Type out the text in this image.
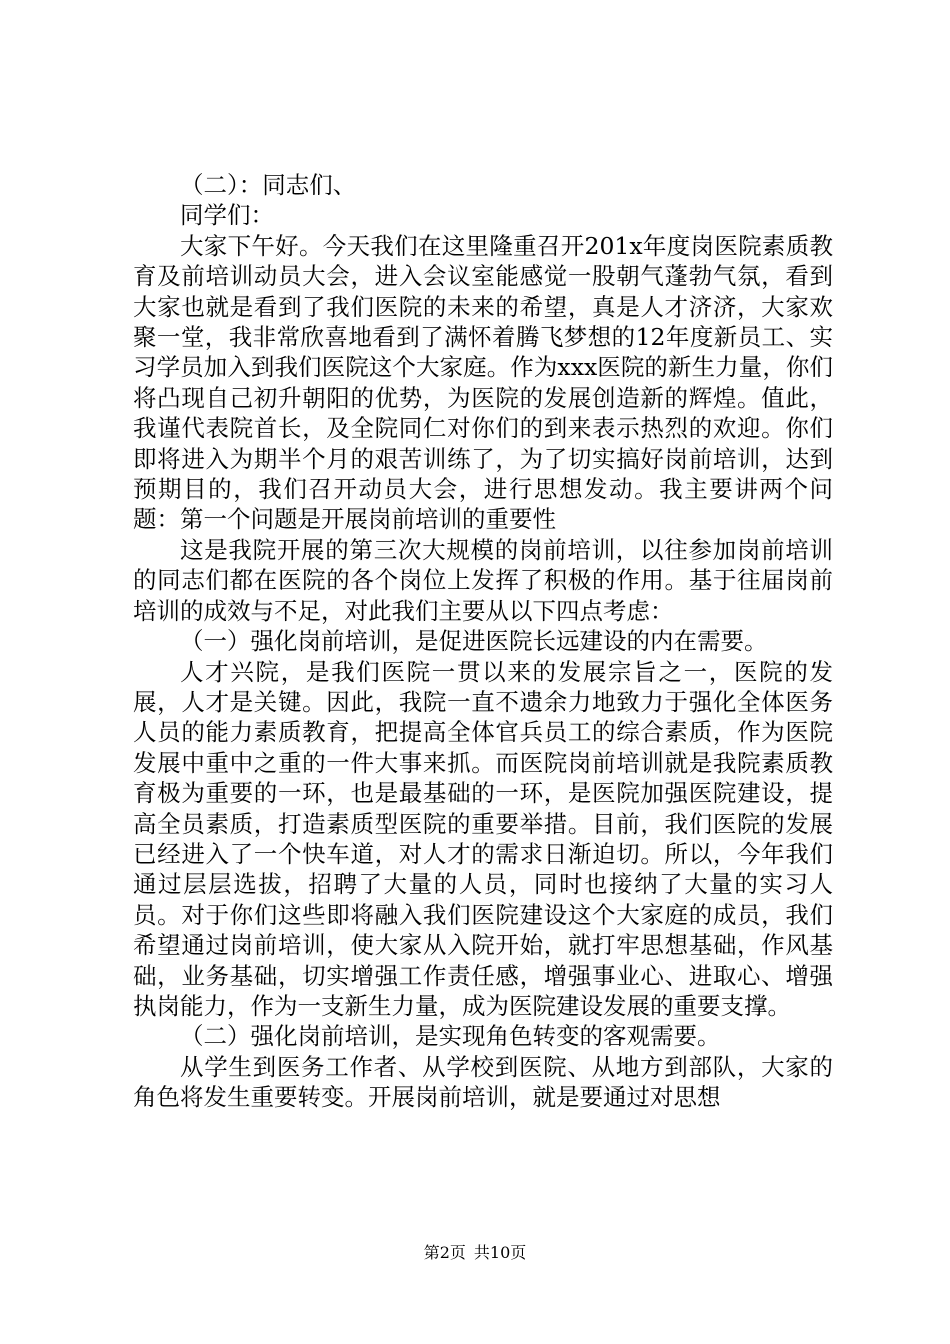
（二）：同志们、

同学们：

大家下午好。今天我们在这里隆重召开201x年度岗医院素质教育及前培训动员大会，进入会议室能感觉一股朝气蓬勃气氛，看到大家也就是看到了我们医院的未来的希望，真是人才济济，大家欢聚一堂，我非常欣喜地看到了满怀着腾飞梦想的12年度新员工、实习学员加入到我们医院这个大家庭。作为xxx医院的新生力量，你们将凸现自己初升朝阳的优势，为医院的发展创造新的辉煌。值此，我谨代表院首长，及全院同仁对你们的到来表示热烈的欢迎。你们即将进入为期半个月的艰苦训练了，为了切实搞好岗前培训，达到预期目的，我们召开动员大会，进行思想发动。我主要讲两个问题：第一个问题是开展岗前培训的重要性

这是我院开展的第三次大规模的岗前培训，以往参加岗前培训的同志们都在医院的各个岗位上发挥了积极的作用。基于往届岗前培训的成效与不足，对此我们主要从以下四点考虑：

（一）强化岗前培训，是促进医院长远建设的内在需要。

人才兴院，是我们医院一贯以来的发展宗旨之一，医院的发展，人才是关键。因此，我院一直不遗余力地致力于强化全体医务人员的能力素质教育，把提高全体官兵员工的综合素质，作为医院发展中重中之重的一件大事来抓。而医院岗前培训就是我院素质教育极为重要的一环，也是最基础的一环，是医院加强医院建设，提高全员素质，打造素质型医院的重要举措。目前，我们医院的发展已经进入了一个快车道，对人才的需求日渐迫切。所以，今年我们通过层层选拔，招聘了大量的人员，同时也接纳了大量的实习人员。对于你们这些即将融入我们医院建设这个大家庭的成员，我们希望通过岗前培训，使大家从入院开始，就打牢思想基础，作风基础，业务基础，切实增强工作责任感，增强事业心、进取心、增强执岗能力，作为一支新生力量，成为医院建设发展的重要支撑。

（二）强化岗前培训，是实现角色转变的客观需要。

从学生到医务工作者、从学校到医院、从地方到部队，大家的角色将发生重要转变。开展岗前培训，就是要通过对思想

第2页 共10页
